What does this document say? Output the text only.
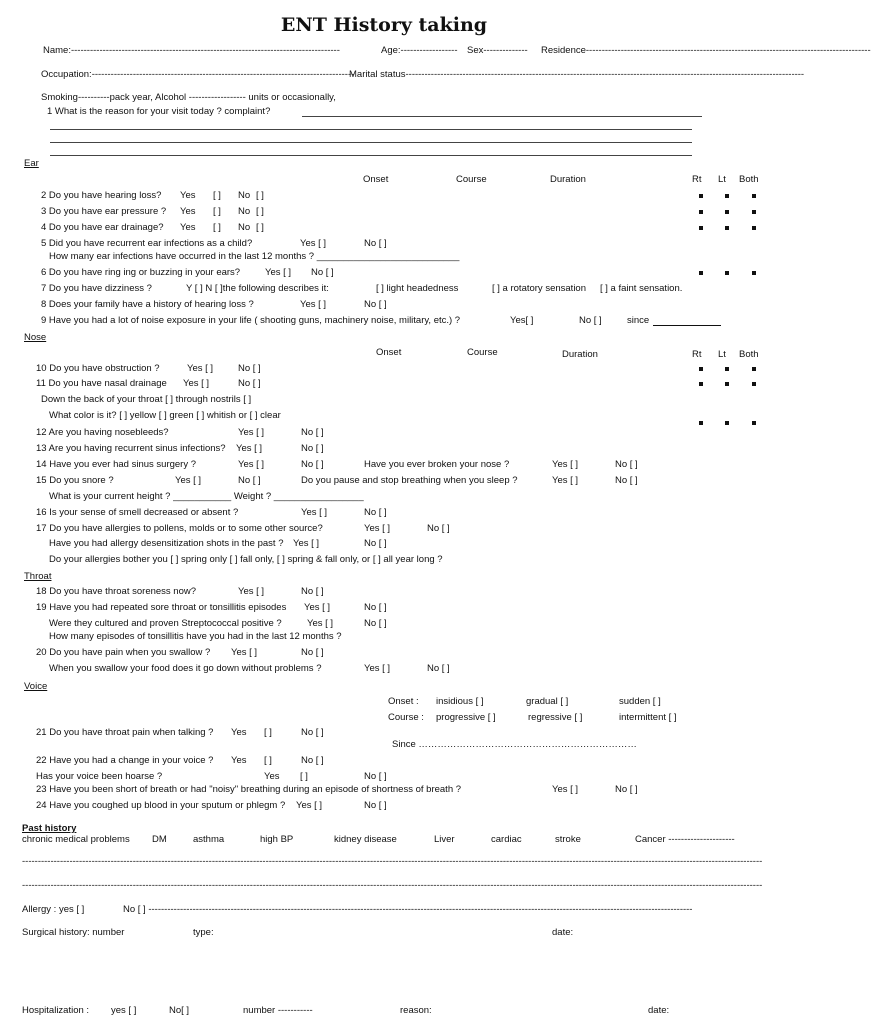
ENT History taking
Name:-------------------------------------------------------------------------------------	Age:------------------ Sex-------------- Residence------------------------------------------------------------------------------------------
Occupation:-----------------------------------------------------------------------------------
Marital status------------------------------------------------------------------------------------------------------------------------------
Smoking----------pack year, Alcohol ------------------ units or occasionally,
1 What is the reason for your visit today ? complaint?
Ear
Onset	Course	Duration	Rt Lt Both
2 Do you have hearing loss? Yes [ ] No [ ]
3 Do you have ear pressure ? Yes [ ] No [ ]
4 Do you have ear drainage? Yes [ ] No [ ]
5 Did you have recurrent ear infections as a child?	Yes [ ]	No [ ]
How many ear infections have occurred in the last 12 months ? ___________________________
6 Do you have ring ing or buzzing in your ears?	Yes [ ] No [ ]
7 Do you have dizziness ?	Y [ ] N [ ]the following describes it:	[ ] light headedness	[ ] a rotatory sensation [ ] a faint sensation.
8 Does your family have a history of hearing loss ?	Yes [ ]	No [ ]
9 Have you had a lot of noise exposure in your life ( shooting guns, machinery noise, military, etc.) ?	Yes[ ]	No [ ]	since
Nose
Onset	Course	Duration	Rt Lt Both
10 Do you have obstruction ?	Yes [ ]	No [ ]
11 Do you have nasal drainage Yes [ ]	No [ ]
Down the back of your throat [ ] through nostrils [ ]
What color is it? [ ] yellow [ ] green [ ] whitish or [ ] clear
12 Are you having nosebleeds?	Yes [ ]	No [ ]
13 Are you having recurrent sinus infections? Yes [ ]	No [ ]
14 Have you ever had sinus surgery ?	Yes [ ]	No [ ]	Have you ever broken your nose ?	Yes [ ]	No [ ]
15 Do you snore ?	Yes [ ]	No [ ]	Do you pause and stop breathing when you sleep ?	Yes [ ]	No [ ]
What is your current height ? ___________ Weight ? _________________
16 Is your sense of smell decreased or absent ?	Yes [ ]	No [ ]
17 Do you have allergies to pollens, molds or to some other source?	Yes [ ]	No [ ]
Have you had allergy desensitization shots in the past ? Yes [ ]	No [ ]
Do your allergies bother you [ ] spring only [ ] fall only, [ ] spring & fall only, or [ ] all year long ?
Throat
18 Do you have throat soreness now?	Yes [ ]	No [ ]
19 Have you had repeated sore throat or tonsillitis episodes Yes [ ]	No [ ]
Were they cultured and proven Streptococcal positive ?	Yes [ ]	No [ ]
How many episodes of tonsillitis have you had in the last 12 months ?
20 Do you have pain when you swallow ? Yes [ ]	No [ ]
When you swallow your food does it go down without problems ?	Yes [ ]	No [ ]
Voice
Onset : insidious [ ]	gradual [ ]	sudden [ ]
Course : progressive [ ]	regressive [ ]	intermittent [ ]
21 Do you have throat pain when talking ? Yes [ ]	No [ ]
Since ……………………………………………………………
22 Have you had a change in your voice ? Yes [ ]	No [ ]
Has your voice been hoarse ?	Yes [ ]	No [ ]
23 Have you been short of breath or had "noisy" breathing during an episode of shortness of breath ?	Yes [ ]	No [ ]
24 Have you coughed up blood in your sputum or phlegm ? Yes [ ]	No [ ]
Past history
chronic medical problems DM	asthma	high BP	kidney disease	Liver	cardiac	stroke	Cancer ---------------------
------------------------------------------------------------------------------------------------------------------------------------------------------------------------------------------------------------------------------------------
------------------------------------------------------------------------------------------------------------------------------------------------------------------------------------------------------------------------------------------
Allergy : yes [ ]	No [ ] ----------------------------------------------------------------------------------------------------------------------------------------------------------------------------
Surgical history: number	type:	date:
Hospitalization : yes [ ]	No[ ]	number -----------	reason:	date:
